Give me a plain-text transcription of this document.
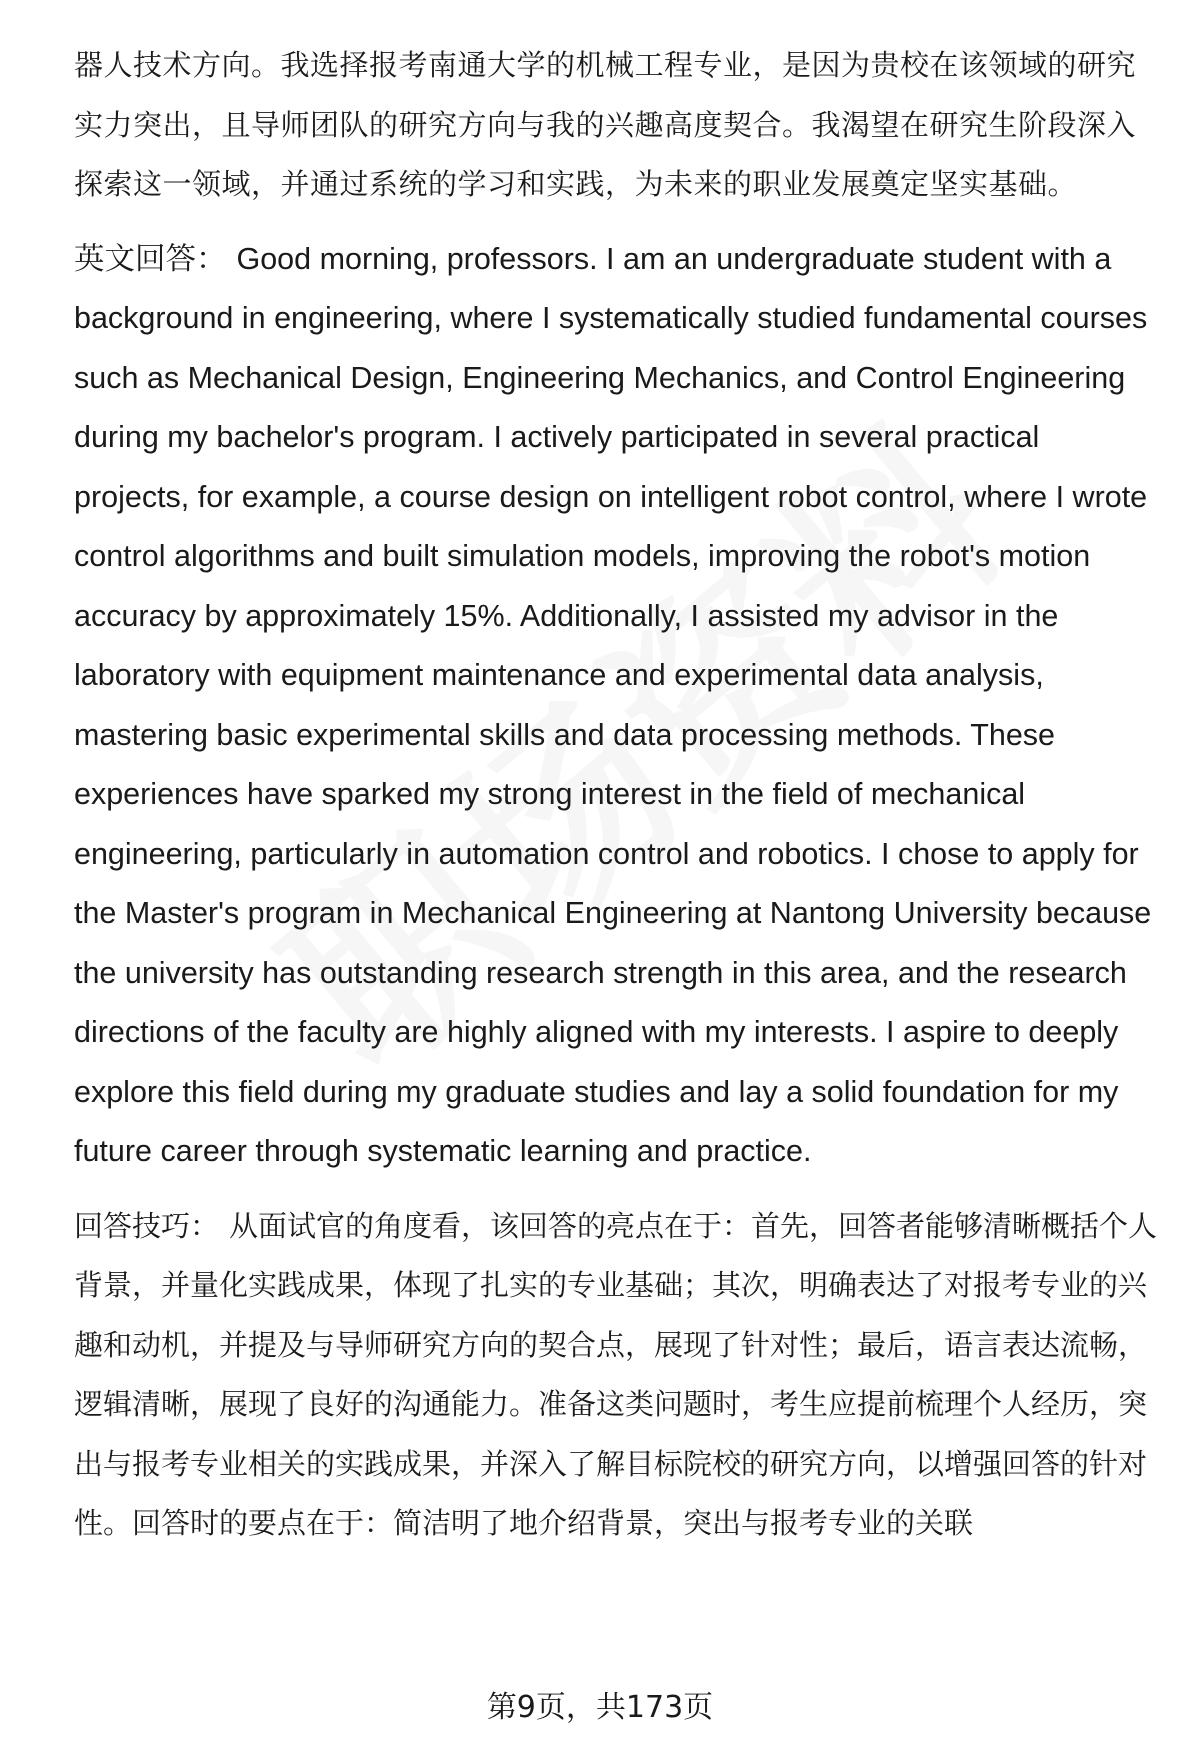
器人技术方向。我选择报考南通大学的机械工程专业，是因为贵校在该领域的研究实力突出，且导师团队的研究方向与我的兴趣高度契合。我渴望在研究生阶段深入探索这一领域，并通过系统的学习和实践，为未来的职业发展奠定坚实基础。

英文回答： Good morning, professors. I am an undergraduate student with a background in engineering, where I systematically studied fundamental courses such as Mechanical Design, Engineering Mechanics, and Control Engineering during my bachelor's program. I actively participated in several practical projects, for example, a course design on intelligent robot control, where I wrote control algorithms and built simulation models, improving the robot's motion accuracy by approximately 15%. Additionally, I assisted my advisor in the laboratory with equipment maintenance and experimental data analysis, mastering basic experimental skills and data processing methods. These experiences have sparked my strong interest in the field of mechanical engineering, particularly in automation control and robotics. I chose to apply for the Master's program in Mechanical Engineering at Nantong University because the university has outstanding research strength in this area, and the research directions of the faculty are highly aligned with my interests. I aspire to deeply explore this field during my graduate studies and lay a solid foundation for my future career through systematic learning and practice.

回答技巧： 从面试官的角度看，该回答的亮点在于：首先，回答者能够清晰概括个人背景，并量化实践成果，体现了扎实的专业基础；其次，明确表达了对报考专业的兴趣和动机，并提及与导师研究方向的契合点，展现了针对性；最后，语言表达流畅，逻辑清晰，展现了良好的沟通能力。准备这类问题时，考生应提前梳理个人经历，突出与报考专业相关的实践成果，并深入了解目标院校的研究方向，以增强回答的针对性。回答时的要点在于：简洁明了地介绍背景，突出与报考专业的关联

第9页，共173页
